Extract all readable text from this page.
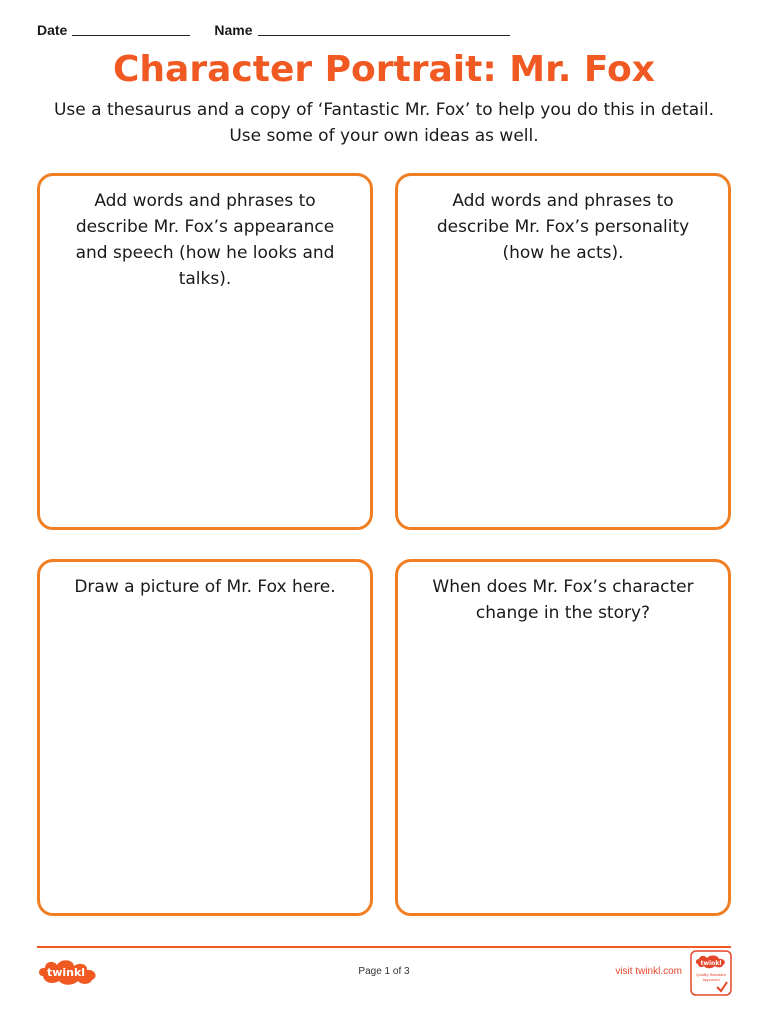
Date	Name
Character Portrait: Mr. Fox

Use a thesaurus and a copy of ‘Fantastic Mr. Fox’ to help you do this in detail. Use some of your own ideas as well.

Add words and phrases to describe Mr. Fox’s appearance and speech (how he looks and talks).
Add words and phrases to describe Mr. Fox’s personality (how he acts).
Draw a picture of Mr. Fox here.	When does Mr. Fox’s character change in the story?
twinkl	Page 1 of 3	visit twinkl.com
twinkl
Quality Standard
Approved
